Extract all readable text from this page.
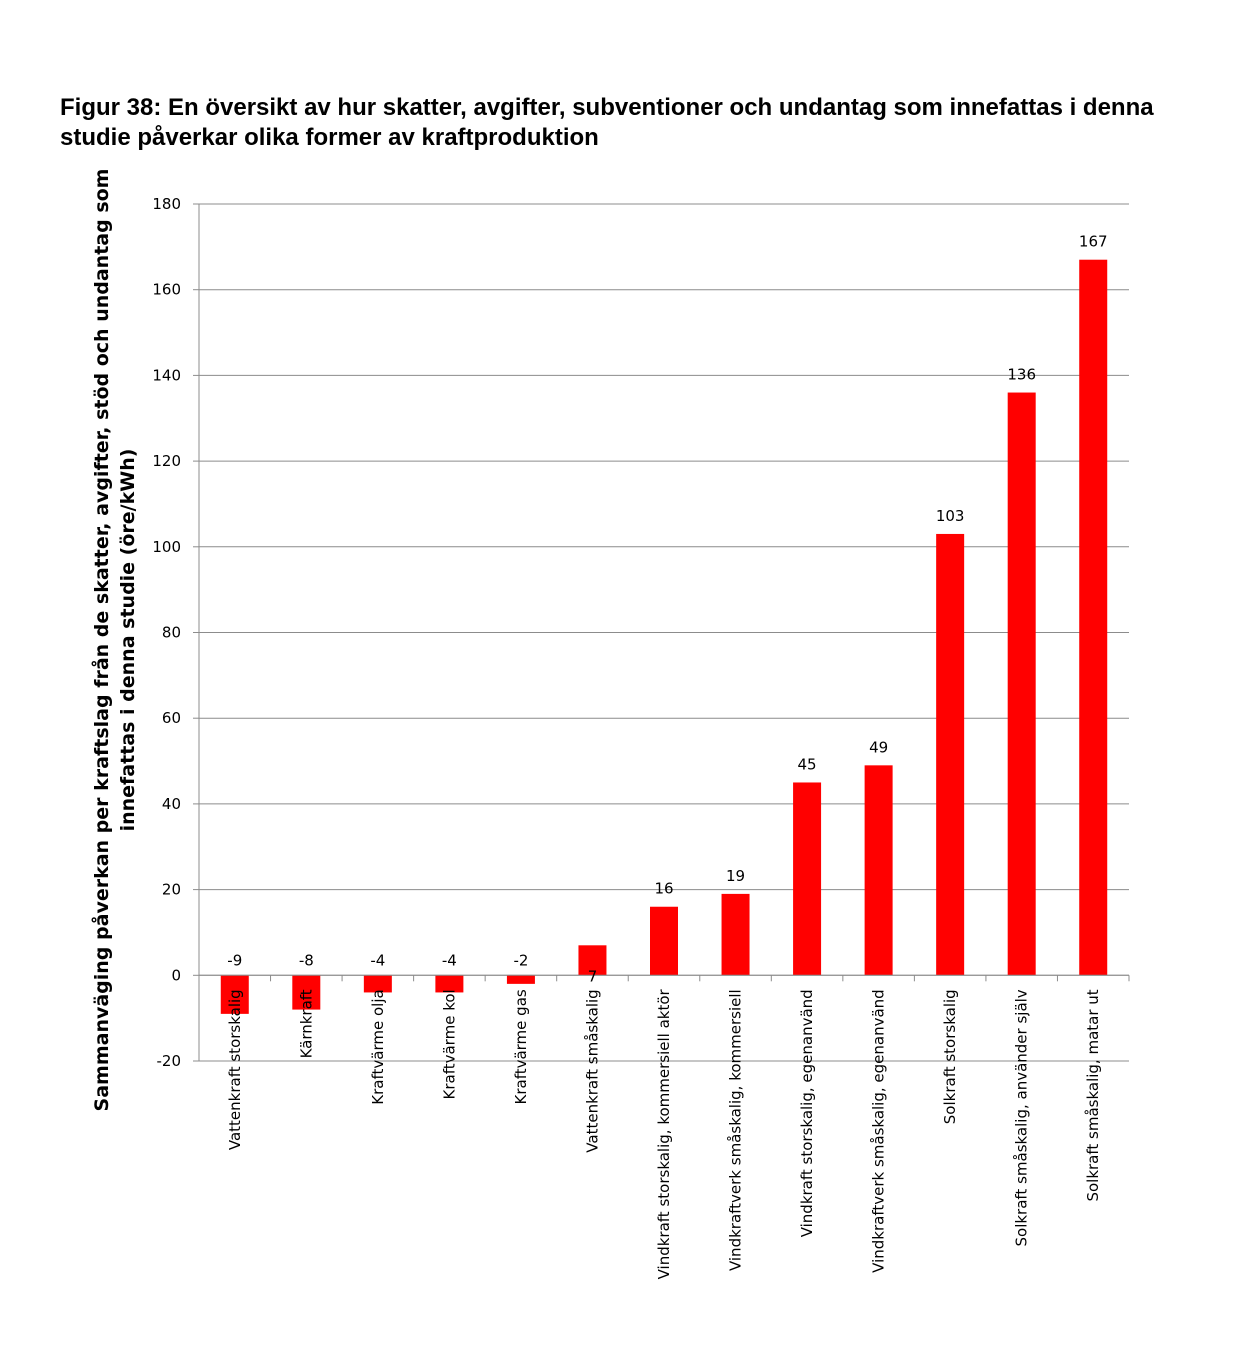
Figur 38: En översikt av hur skatter, avgifter, subventioner och undantag som innefattas i denna studie påverkar olika former av kraftproduktion
-20
0
20
40
60
80
100
120
140
160
180
-9	-8	-4	-4	-2
7
16
19
45
49
103
136
167
Vattenkraft storskalig	Kärnkraft	Kraftvärme olja	Kraftvärme kol	Kraftvärme gas	Vattenkraft småskalig	Vindkraft storskalig, kommersiell aktör	Vindkraftverk småskalig, kommersiell	Vindkraft storskalig, egenanvänd	Vindkraftverk småskalig, egenanvänd	Solkraft storskalig	Solkraft småskalig, använder själv	Solkraft småskalig, matar ut
Sammanväging påverkan per kraftslag från de skatter, avgifter, stöd och undantag som innefattas i denna studie (öre/kWh)
